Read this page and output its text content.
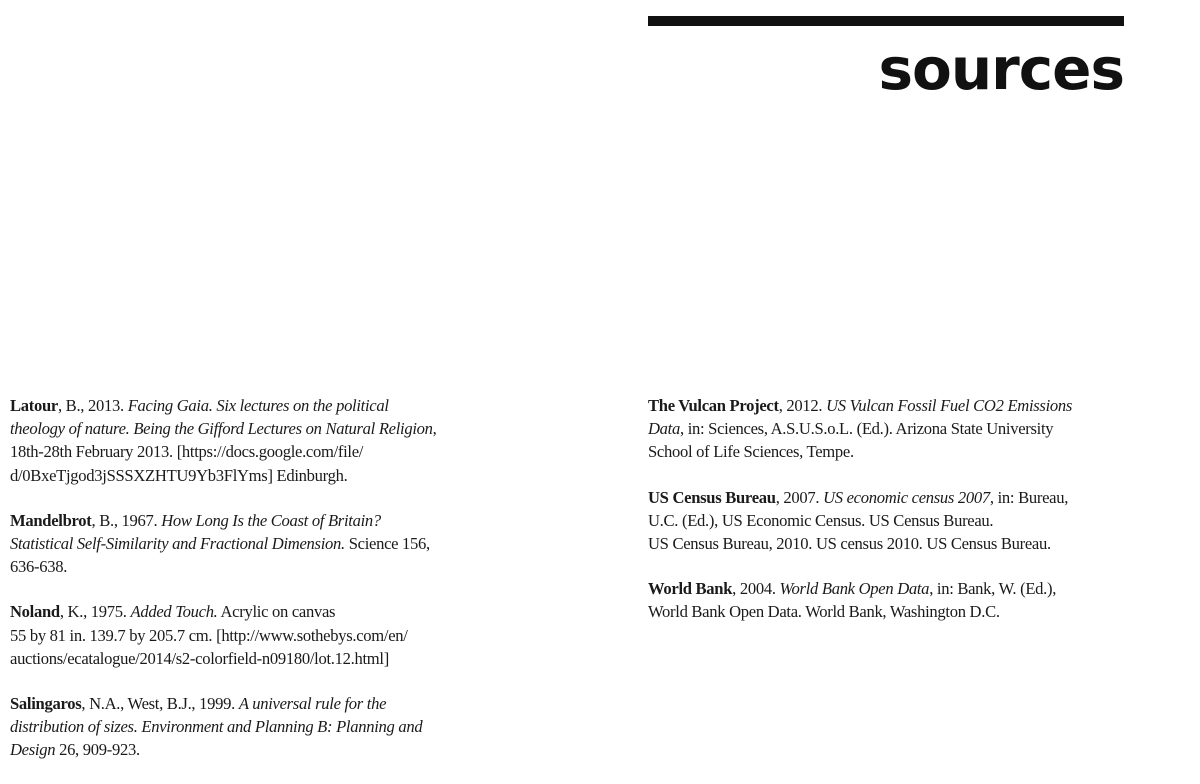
sources

Latour, B., 2013. Facing Gaia. Six lectures on the political
theology of nature. Being the Gifford Lectures on Natural Religion,
18th-28th February 2013. [https://docs.google.com/file/
d/0BxeTjgod3jSSSXZHTU9Yb3FlYms] Edinburgh.

Mandelbrot, B., 1967. How Long Is the Coast of Britain?
Statistical Self-Similarity and Fractional Dimension. Science 156,
636-638.

Noland, K., 1975. Added Touch. Acrylic on canvas
55 by 81 in. 139.7 by 205.7 cm. [http://www.sothebys.com/en/
auctions/ecatalogue/2014/s2-colorfield-n09180/lot.12.html]

Salingaros, N.A., West, B.J., 1999. A universal rule for the
distribution of sizes. Environment and Planning B: Planning and
Design 26, 909-923.

The Vulcan Project, 2012. US Vulcan Fossil Fuel CO2 Emissions
Data, in: Sciences, A.S.U.S.o.L. (Ed.). Arizona State University
School of Life Sciences, Tempe.

US Census Bureau, 2007. US economic census 2007, in: Bureau,
U.C. (Ed.), US Economic Census. US Census Bureau.
US Census Bureau, 2010. US census 2010. US Census Bureau.

World Bank, 2004. World Bank Open Data, in: Bank, W. (Ed.),
World Bank Open Data. World Bank, Washington D.C.
